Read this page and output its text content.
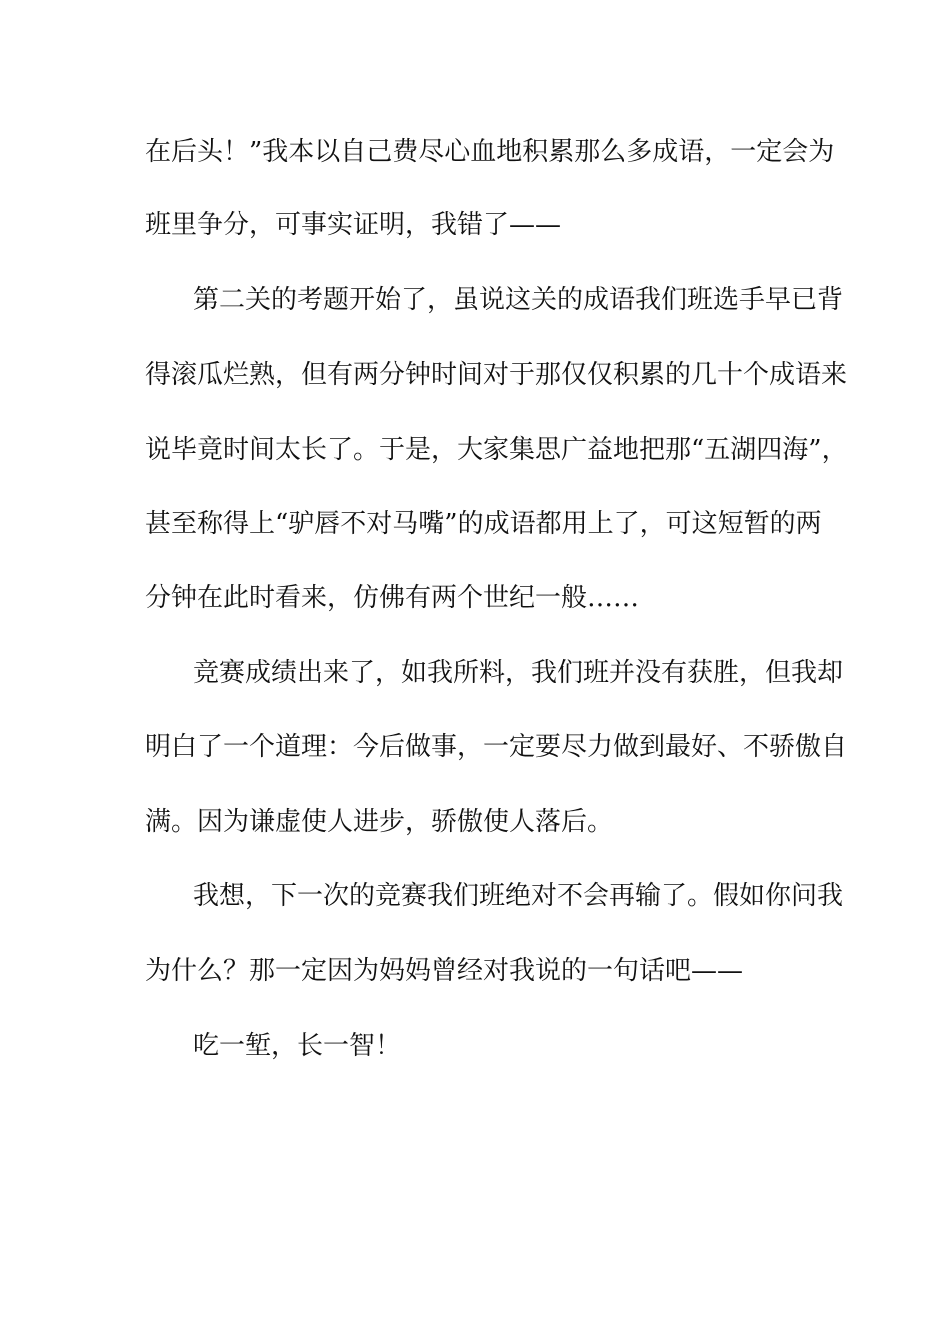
在后头！”我本以自己费尽心血地积累那么多成语，一定会为
班里争分，可事实证明，我错了——
第二关的考题开始了，虽说这关的成语我们班选手早已背
得滚瓜烂熟，但有两分钟时间对于那仅仅积累的几十个成语来
说毕竟时间太长了。于是，大家集思广益地把那“五湖四海”，
甚至称得上“驴唇不对马嘴”的成语都用上了，可这短暂的两
分钟在此时看来，仿佛有两个世纪一般……
竞赛成绩出来了，如我所料，我们班并没有获胜，但我却
明白了一个道理：今后做事，一定要尽力做到最好、不骄傲自
满。因为谦虚使人进步，骄傲使人落后。
我想，下一次的竞赛我们班绝对不会再输了。假如你问我
为什么？那一定因为妈妈曾经对我说的一句话吧——
吃一堑，长一智！
